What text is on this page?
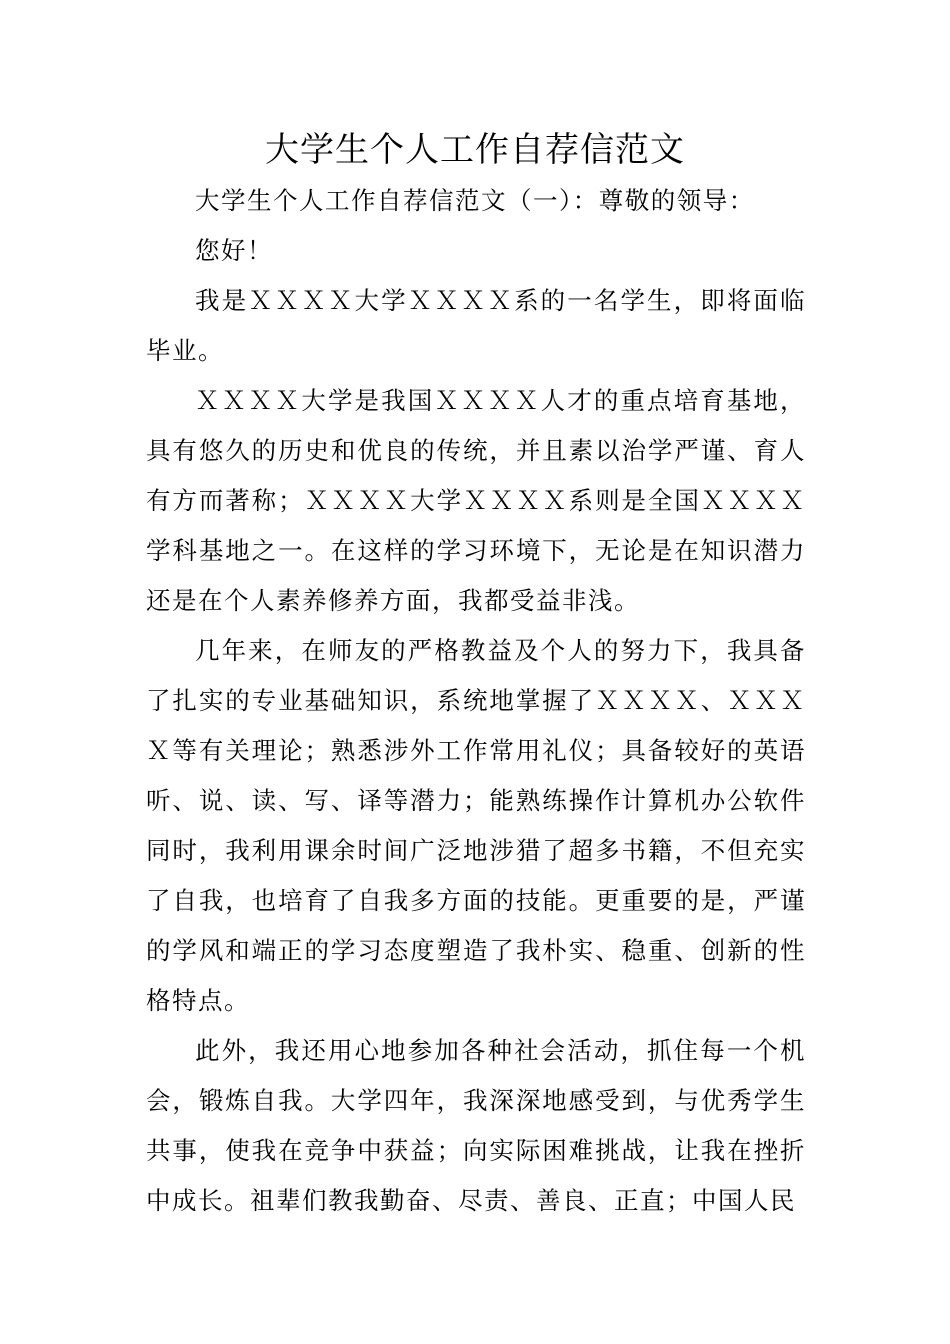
大学生个人工作自荐信范文

大学生个人工作自荐信范文（一）：尊敬的领导：

您好！

我是ＸＸＸＸ大学ＸＸＸＸ系的一名学生，即将面临毕业。

ＸＸＸＸ大学是我国ＸＸＸＸ人才的重点培育基地，具有悠久的历史和优良的传统，并且素以治学严谨、育人有方而著称；ＸＸＸＸ大学ＸＸＸＸ系则是全国ＸＸＸＸ学科基地之一。在这样的学习环境下，无论是在知识潜力还是在个人素养修养方面，我都受益非浅。

几年来，在师友的严格教益及个人的努力下，我具备了扎实的专业基础知识，系统地掌握了ＸＸＸＸ、ＸＸＸＸ等有关理论；熟悉涉外工作常用礼仪；具备较好的英语听、说、读、写、译等潜力；能熟练操作计算机办公软件同时，我利用课余时间广泛地涉猎了超多书籍，不但充实了自我，也培育了自我多方面的技能。更重要的是，严谨的学风和端正的学习态度塑造了我朴实、稳重、创新的性格特点。

此外，我还用心地参加各种社会活动，抓住每一个机会，锻炼自我。大学四年，我深深地感受到，与优秀学生共事，使我在竞争中获益；向实际困难挑战，让我在挫折中成长。祖辈们教我勤奋、尽责、善良、正直；中国人民
